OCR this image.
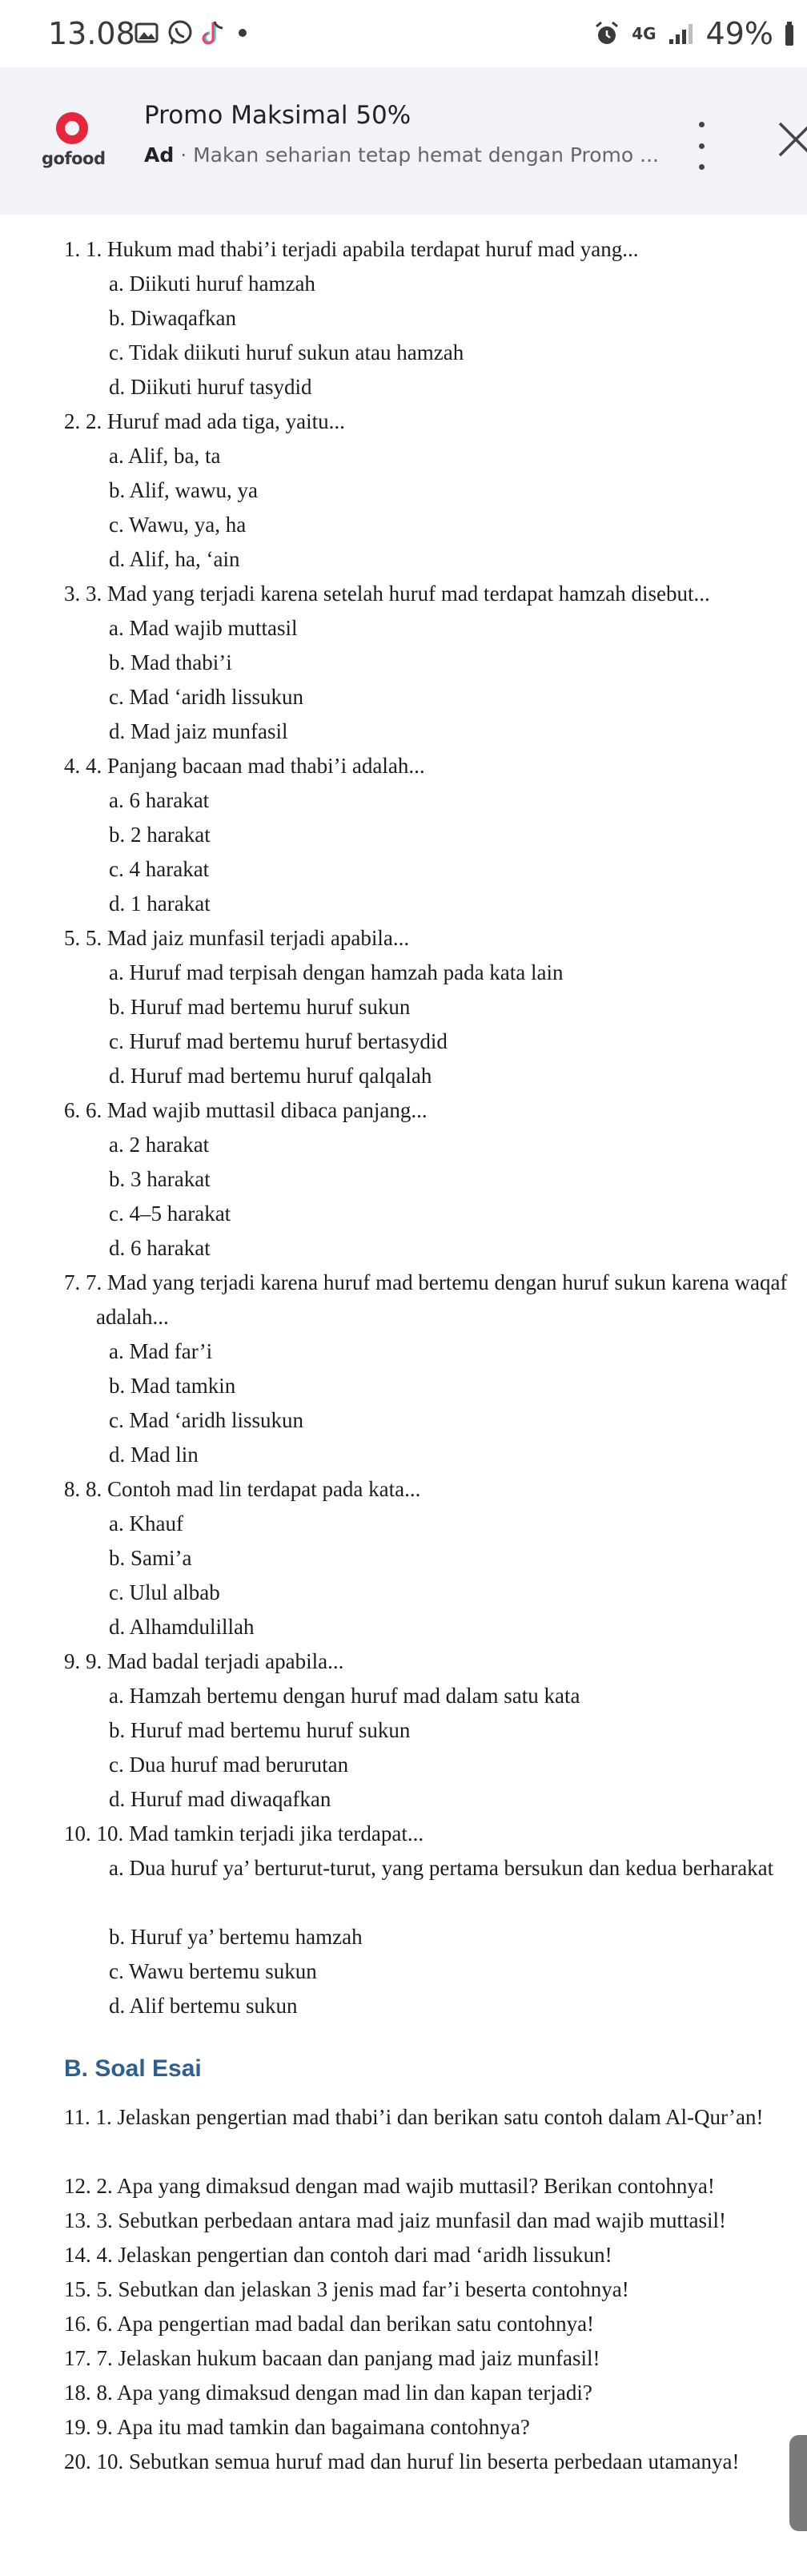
13.08	4G 49%
gofood
Promo Maksimal 50%
Ad · Makan seharian tetap hemat dengan Promo ...
1. 1. Hukum mad thabi’i terjadi apabila terdapat huruf mad yang...
a. Diikuti huruf hamzah
b. Diwaqafkan
c. Tidak diikuti huruf sukun atau hamzah
d. Diikuti huruf tasydid
2. 2. Huruf mad ada tiga, yaitu...
a. Alif, ba, ta
b. Alif, wawu, ya
c. Wawu, ya, ha
d. Alif, ha, ‘ain
3. 3. Mad yang terjadi karena setelah huruf mad terdapat hamzah disebut...
a. Mad wajib muttasil
b. Mad thabi’i
c. Mad ‘aridh lissukun
d. Mad jaiz munfasil
4. 4. Panjang bacaan mad thabi’i adalah...
a. 6 harakat
b. 2 harakat
c. 4 harakat
d. 1 harakat
5. 5. Mad jaiz munfasil terjadi apabila...
a. Huruf mad terpisah dengan hamzah pada kata lain
b. Huruf mad bertemu huruf sukun
c. Huruf mad bertemu huruf bertasydid
d. Huruf mad bertemu huruf qalqalah
6. 6. Mad wajib muttasil dibaca panjang...
a. 2 harakat
b. 3 harakat
c. 4–5 harakat
d. 6 harakat
7. 7. Mad yang terjadi karena huruf mad bertemu dengan huruf sukun karena waqaf adalah...
a. Mad far’i
b. Mad tamkin
c. Mad ‘aridh lissukun
d. Mad lin
8. 8. Contoh mad lin terdapat pada kata...
a. Khauf
b. Sami’a
c. Ulul albab
d. Alhamdulillah
9. 9. Mad badal terjadi apabila...
a. Hamzah bertemu dengan huruf mad dalam satu kata
b. Huruf mad bertemu huruf sukun
c. Dua huruf mad berurutan
d. Huruf mad diwaqafkan
10. 10. Mad tamkin terjadi jika terdapat...
a. Dua huruf ya’ berturut-turut, yang pertama bersukun dan kedua berharakat
b. Huruf ya’ bertemu hamzah
c. Wawu bertemu sukun
d. Alif bertemu sukun
B. Soal Esai
11. 1. Jelaskan pengertian mad thabi’i dan berikan satu contoh dalam Al-Qur’an!
12. 2. Apa yang dimaksud dengan mad wajib muttasil? Berikan contohnya!
13. 3. Sebutkan perbedaan antara mad jaiz munfasil dan mad wajib muttasil!
14. 4. Jelaskan pengertian dan contoh dari mad ‘aridh lissukun!
15. 5. Sebutkan dan jelaskan 3 jenis mad far’i beserta contohnya!
16. 6. Apa pengertian mad badal dan berikan satu contohnya!
17. 7. Jelaskan hukum bacaan dan panjang mad jaiz munfasil!
18. 8. Apa yang dimaksud dengan mad lin dan kapan terjadi?
19. 9. Apa itu mad tamkin dan bagaimana contohnya?
20. 10. Sebutkan semua huruf mad dan huruf lin beserta perbedaan utamanya!
